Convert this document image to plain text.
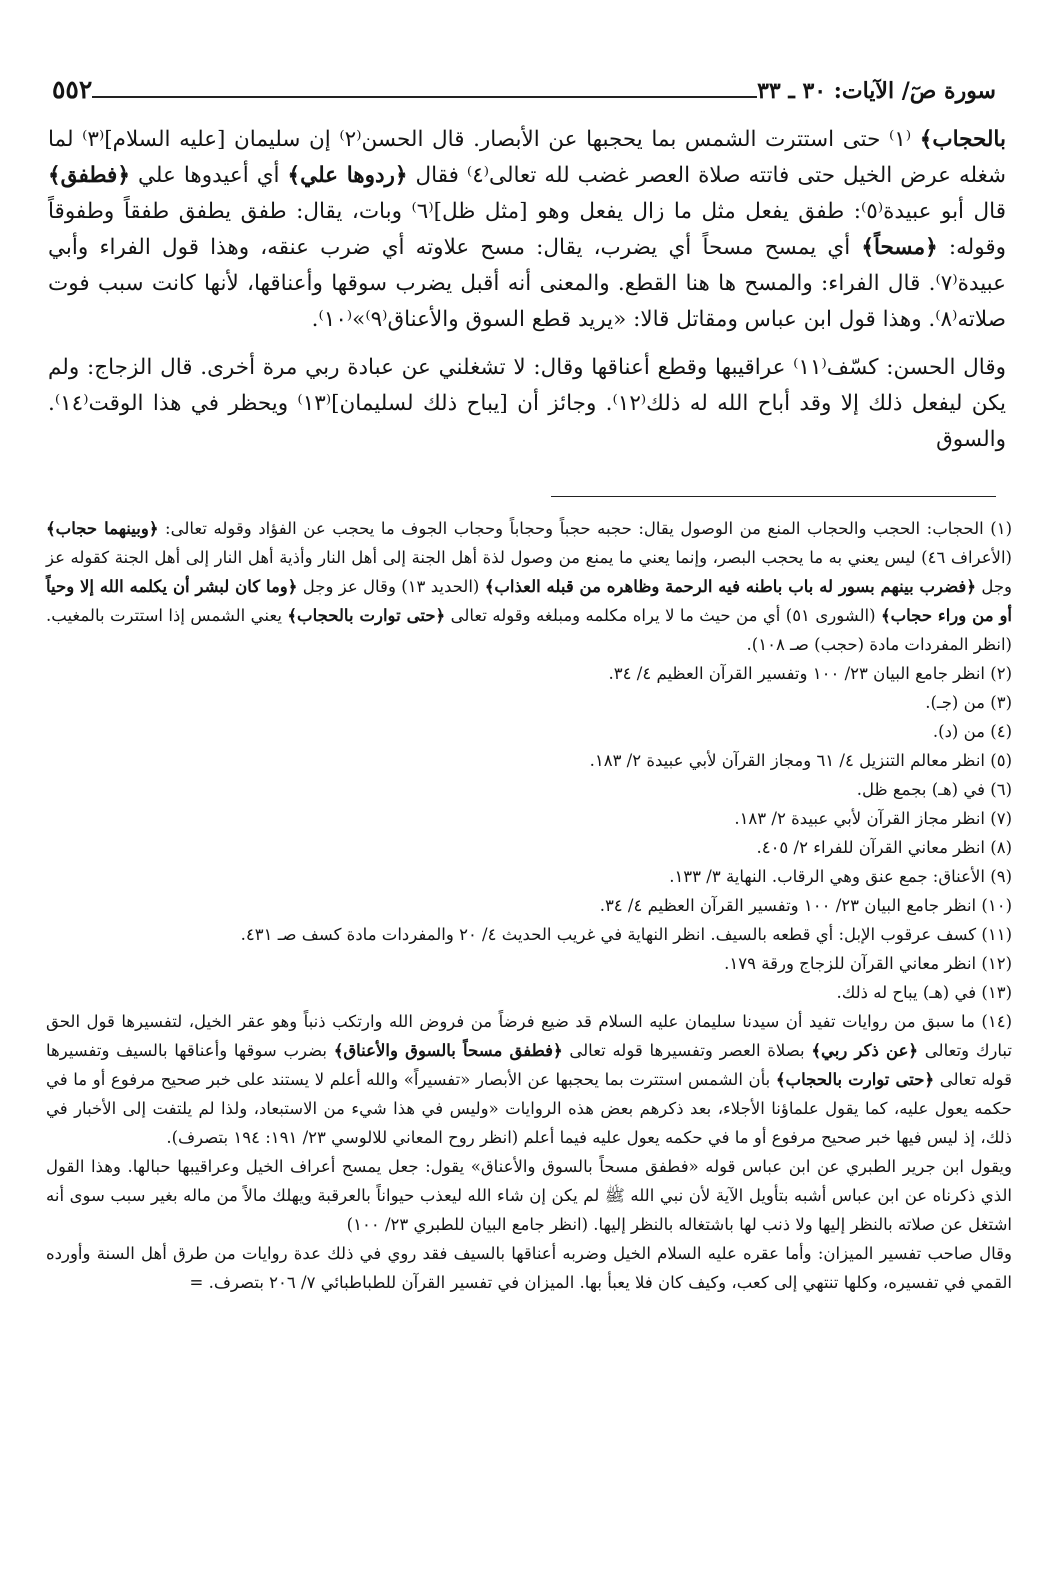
سورة صٓ/ الآيات: ٣٠ ـ ٣٣
٥٥٢

بالحجاب﴾ ⁽١⁾ حتى استترت الشمس بما يحجبها عن الأبصار. قال الحسن⁽٢⁾ إن سليمان [عليه السلام]⁽٣⁾ لما شغله عرض الخيل حتى فاتته صلاة العصر غضب لله تعالى⁽٤⁾ فقال ﴿ردوها علي﴾ أي أعيدوها علي ﴿فطفق﴾ قال أبو عبيدة⁽٥⁾: طفق يفعل مثل ما زال يفعل وهو [مثل ظل]⁽٦⁾ وبات، يقال: طفق يطفق طفقاً وطفوقاً وقوله: ﴿مسحاً﴾ أي يمسح مسحاً أي يضرب، يقال: مسح علاوته أي ضرب عنقه، وهذا قول الفراء وأبي عبيدة⁽٧⁾. قال الفراء: والمسح ها هنا القطع. والمعنى أنه أقبل يضرب سوقها وأعناقها، لأنها كانت سبب فوت صلاته⁽٨⁾. وهذا قول ابن عباس ومقاتل قالا: «يريد قطع السوق والأعناق⁽٩⁾»⁽١٠⁾.

وقال الحسن: كسّف⁽١١⁾ عراقيبها وقطع أعناقها وقال: لا تشغلني عن عبادة ربي مرة أخرى. قال الزجاج: ولم يكن ليفعل ذلك إلا وقد أباح الله له ذلك⁽١٢⁾. وجائز أن [يباح ذلك لسليمان]⁽١٣⁾ ويحظر في هذا الوقت⁽١٤⁾. والسوق

(١) الحجاب: الحجب والحجاب المنع من الوصول يقال: حجبه حجباً وحجاباً وحجاب الجوف ما يحجب عن الفؤاد وقوله تعالى: ﴿وبينهما حجاب﴾ (الأعراف ٤٦) ليس يعني به ما يحجب البصر، وإنما يعني ما يمنع من وصول لذة أهل الجنة إلى أهل النار وأذية أهل النار إلى أهل الجنة كقوله عز وجل ﴿فضرب بينهم بسور له باب باطنه فيه الرحمة وظاهره من قبله العذاب﴾ (الحديد ١٣) وقال عز وجل ﴿وما كان لبشر أن يكلمه الله إلا وحياً أو من وراء حجاب﴾ (الشورى ٥١) أي من حيث ما لا يراه مكلمه ومبلغه وقوله تعالى ﴿حتى توارت بالحجاب﴾ يعني الشمس إذا استترت بالمغيب. (انظر المفردات مادة (حجب) صـ ١٠٨).

(٢) انظر جامع البيان ٢٣/ ١٠٠ وتفسير القرآن العظيم ٤/ ٣٤.

(٣) من (جـ).

(٤) من (د).

(٥) انظر معالم التنزيل ٤/ ٦١ ومجاز القرآن لأبي عبيدة ٢/ ١٨٣.

(٦) في (هـ) بجمع ظل.

(٧) انظر مجاز القرآن لأبي عبيدة ٢/ ١٨٣.

(٨) انظر معاني القرآن للفراء ٢/ ٤٠٥.

(٩) الأعناق: جمع عنق وهي الرقاب. النهاية ٣/ ١٣٣.

(١٠) انظر جامع البيان ٢٣/ ١٠٠ وتفسير القرآن العظيم ٤/ ٣٤.

(١١) كسف عرقوب الإبل: أي قطعه بالسيف. انظر النهاية في غريب الحديث ٤/ ٢٠ والمفردات مادة كسف صـ ٤٣١.

(١٢) انظر معاني القرآن للزجاج ورقة ١٧٩.

(١٣) في (هـ) يباح له ذلك.

(١٤) ما سبق من روايات تفيد أن سيدنا سليمان عليه السلام قد ضيع فرضاً من فروض الله وارتكب ذنباً وهو عقر الخيل، لتفسيرها قول الحق تبارك وتعالى ﴿عن ذكر ربي﴾ بصلاة العصر وتفسيرها قوله تعالى ﴿فطفق مسحاً بالسوق والأعناق﴾ بضرب سوقها وأعناقها بالسيف وتفسيرها قوله تعالى ﴿حتى توارت بالحجاب﴾ بأن الشمس استترت بما يحجبها عن الأبصار «تفسيراً» والله أعلم لا يستند على خبر صحيح مرفوع أو ما في حكمه يعول عليه، كما يقول علماؤنا الأجلاء، بعد ذكرهم بعض هذه الروايات «وليس في هذا شيء من الاستبعاد، ولذا لم يلتفت إلى الأخبار في ذلك، إذ ليس فيها خبر صحيح مرفوع أو ما في حكمه يعول عليه فيما أعلم (انظر روح المعاني للالوسي ٢٣/ ١٩١: ١٩٤ بتصرف).

ويقول ابن جرير الطبري عن ابن عباس قوله «فطفق مسحاً بالسوق والأعناق» يقول: جعل يمسح أعراف الخيل وعراقيبها حبالها. وهذا القول الذي ذكرناه عن ابن عباس أشبه بتأويل الآية لأن نبي الله ﷺ لم يكن إن شاء الله ليعذب حيواناً بالعرقبة ويهلك مالاً من ماله بغير سبب سوى أنه اشتغل عن صلاته بالنظر إليها ولا ذنب لها باشتغاله بالنظر إليها. (انظر جامع البيان للطبري ٢٣/ ١٠٠)

وقال صاحب تفسير الميزان: وأما عقره عليه السلام الخيل وضربه أعناقها بالسيف فقد روي في ذلك عدة روايات من طرق أهل السنة وأورده القمي في تفسيره، وكلها تنتهي إلى كعب، وكيف كان فلا يعبأ بها. الميزان في تفسير القرآن للطباطبائي ٧/ ٢٠٦ بتصرف. =
